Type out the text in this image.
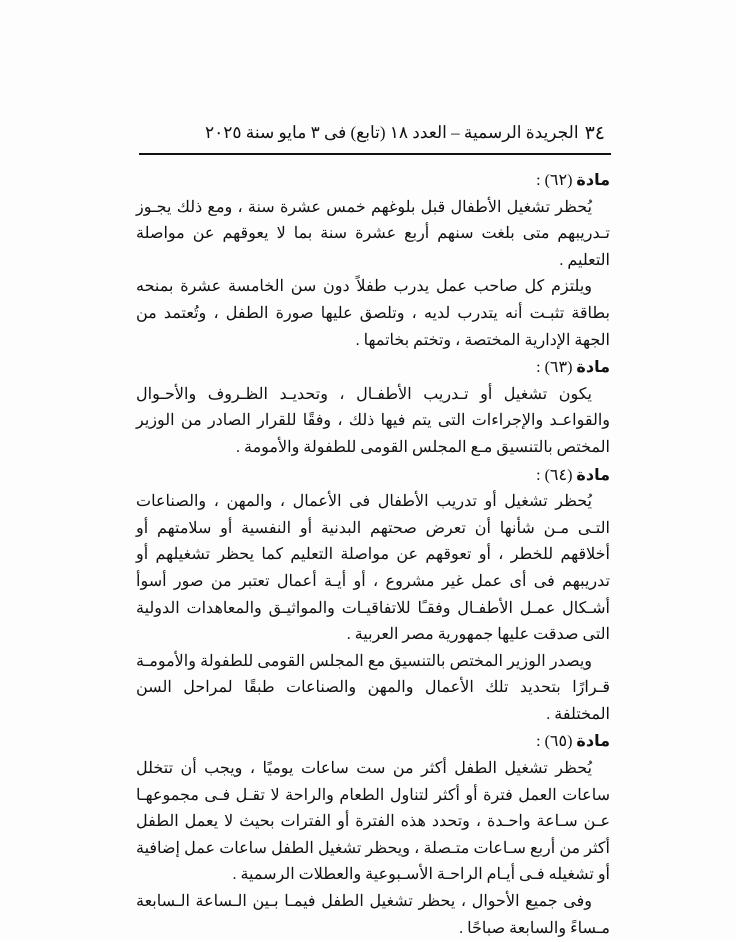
٣٤
الجريدة الرسمية – العدد ١٨ (تابع) فى ٣ مايو سنة ٢٠٢٥
مادة (٦٢) :

يُحظر تشغيل الأطفال قبل بلوغهم خمس عشرة سنة ، ومع ذلك يجـوز تـدريبهم متى بلغت سنهم أربع عشرة سنة بما لا يعوقهم عن مواصلة التعليم .

ويلتزم كل صاحب عمل يدرب طفلاً دون سن الخامسة عشرة بمنحه بطاقة تثبـت أنه يتدرب لديه ، وتلصق عليها صورة الطفل ، وتُعتمد من الجهة الإدارية المختصة ، وتختم بخاتمها .

مادة (٦٣) :

يكون تشغيل أو تـدريب الأطفـال ، وتحديـد الظـروف والأحـوال والقواعـد والإجراءات التى يتم فيها ذلك ، وفقًا للقرار الصادر من الوزير المختص بالتنسيق مـع المجلس القومى للطفولة والأمومة .

مادة (٦٤) :

يُحظر تشغيل أو تدريب الأطفال فى الأعمال ، والمهن ، والصناعات التـى مـن شأنها أن تعرض صحتهم البدنية أو النفسية أو سلامتهم أو أخلاقهم للخطر ، أو تعوقهم عن مواصلة التعليم كما يحظر تشغيلهم أو تدريبهم فى أى عمل غير مشروع ، أو أيـة أعمال تعتبر من صور أسوأ أشـكال عمـل الأطفـال وفقـًا للاتفاقيـات والمواثيـق والمعاهدات الدولية التى صدقت عليها جمهورية مصر العربية .

ويصدر الوزير المختص بالتنسيق مع المجلس القومى للطفولة والأمومـة قـرارًا بتحديد تلك الأعمال والمهن والصناعات طبقًا لمراحل السن المختلفة .

مادة (٦٥) :

يُحظر تشغيل الطفل أكثر من ست ساعات يوميًا ، ويجب أن تتخلل ساعات العمل فترة أو أكثر لتناول الطعام والراحة لا تقـل فـى مجموعهـا عـن سـاعة واحـدة ، وتحدد هذه الفترة أو الفترات بحيث لا يعمل الطفل أكثر من أربع سـاعات متـصلة ، ويحظر تشغيل الطفل ساعات عمل إضافية أو تشغيله فـى أيـام الراحـة الأسـبوعية والعطلات الرسمية .

وفى جميع الأحوال ، يحظر تشغيل الطفل فيمـا بـين الـساعة الـسابعة مـساءً والسابعة صباحًا .
